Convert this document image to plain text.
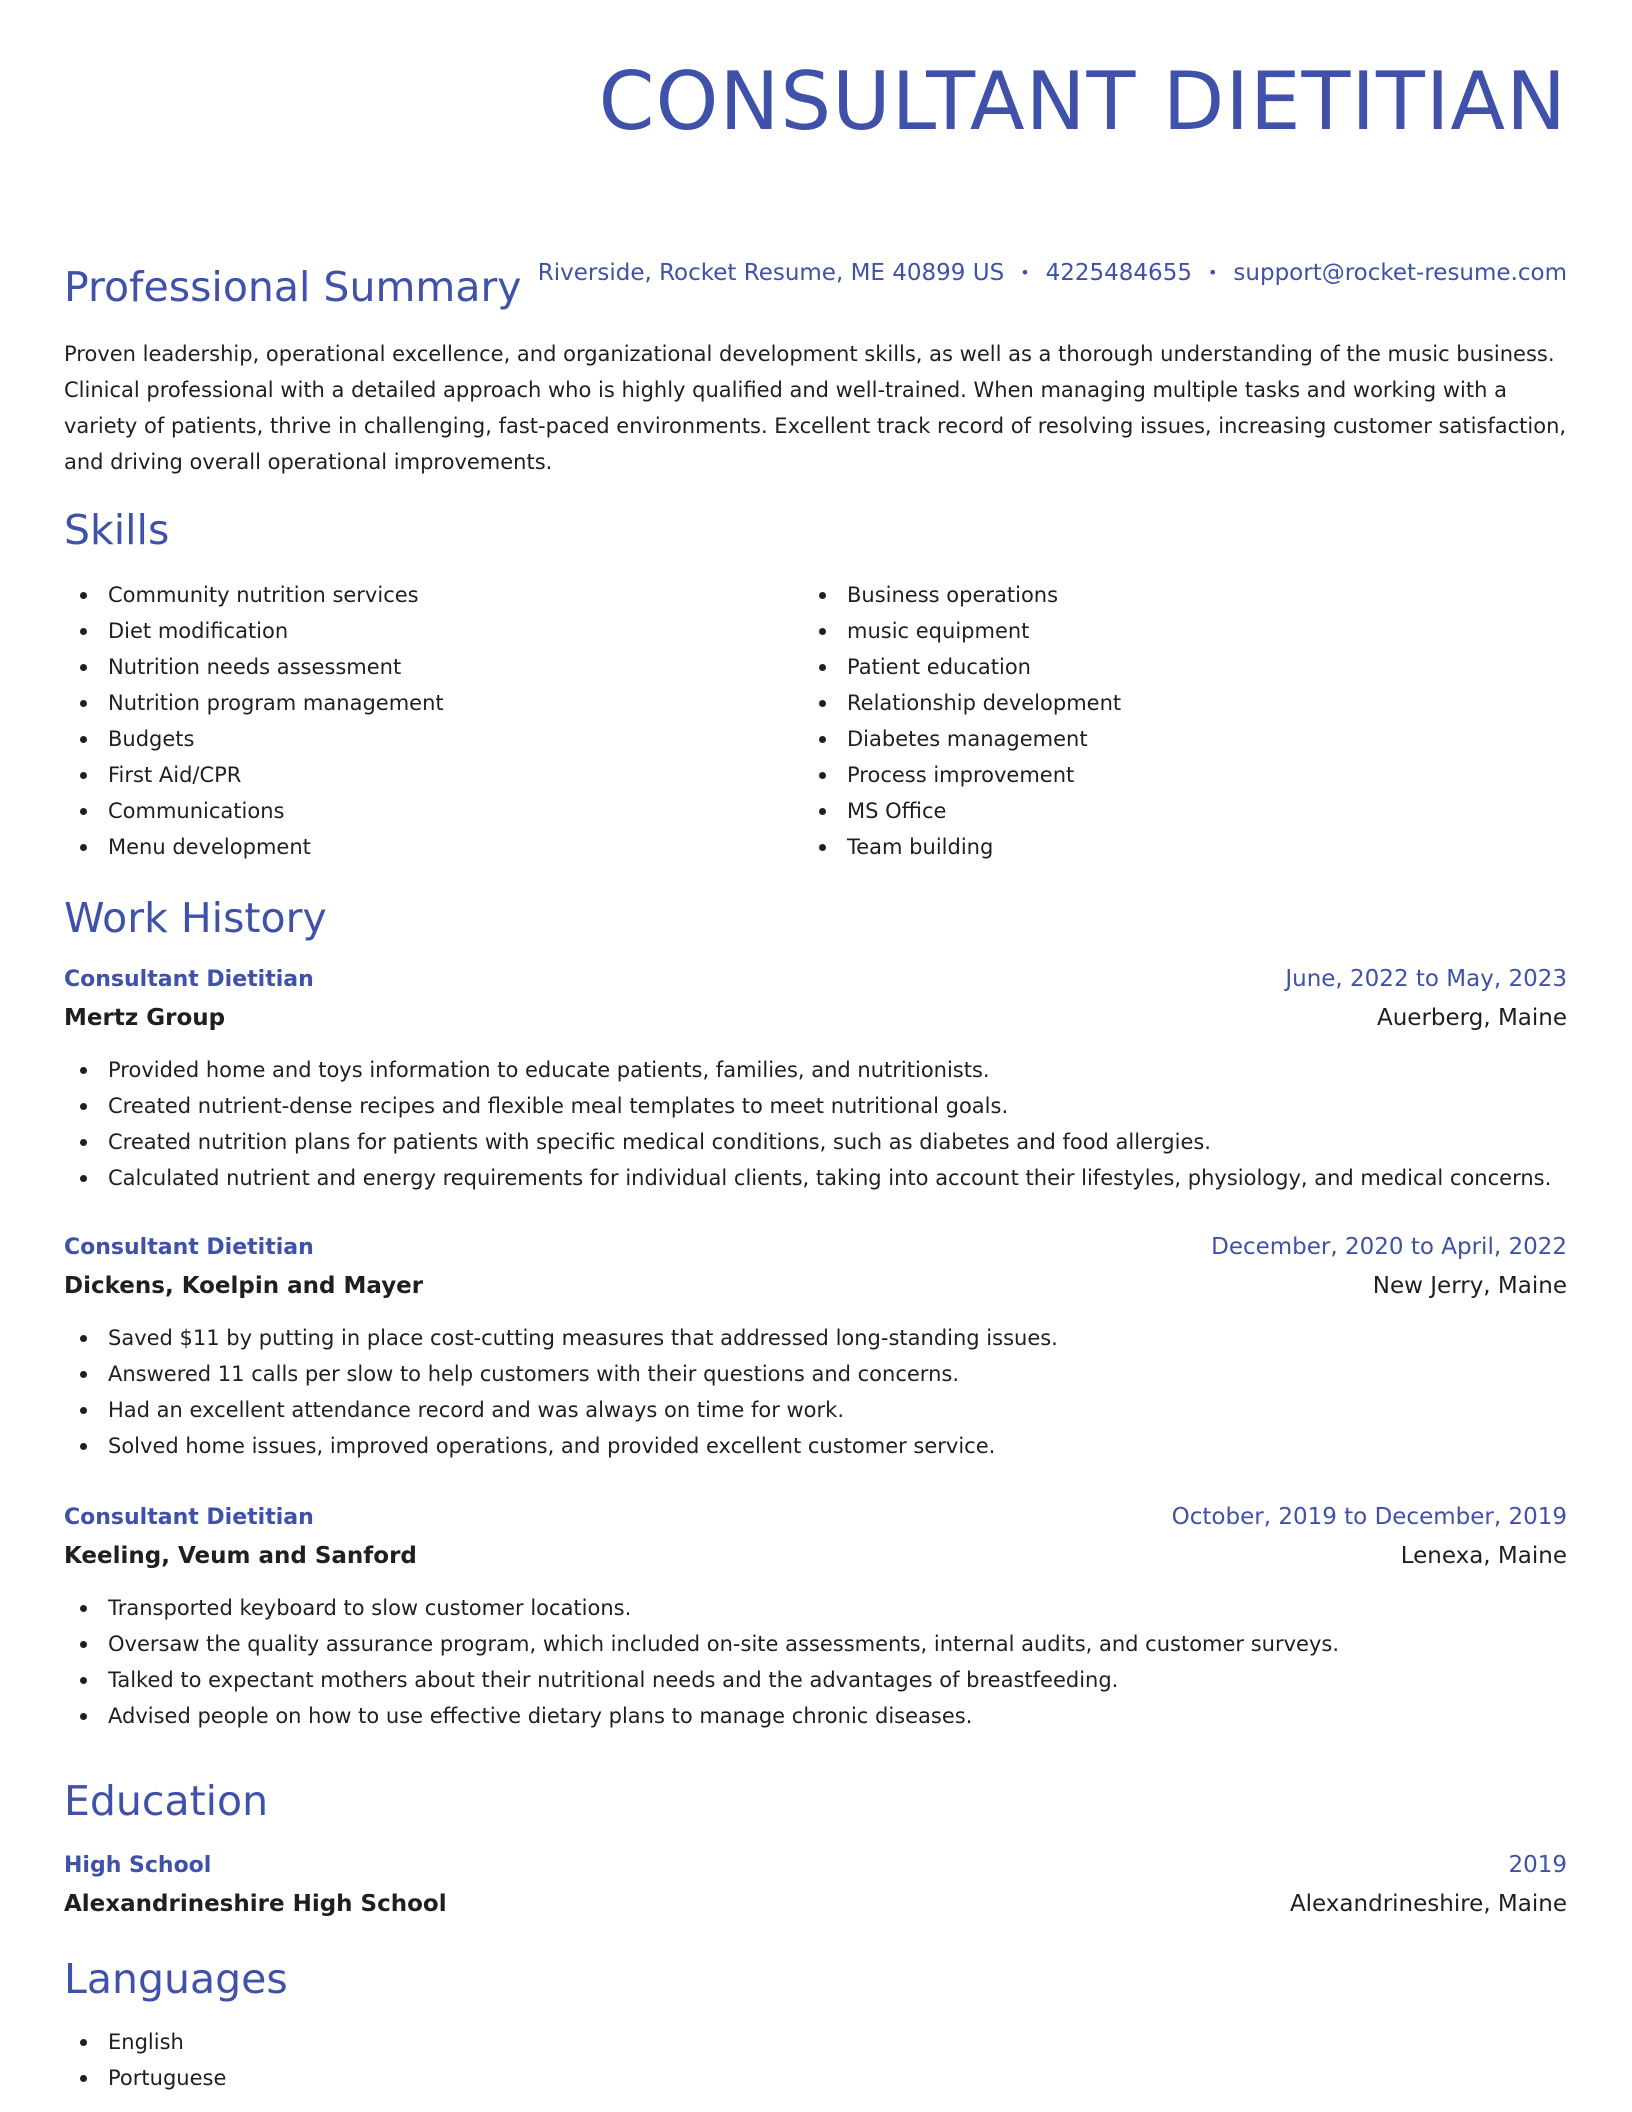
CONSULTANT DIETITIAN
Riverside, Rocket Resume, ME 40899 US • 4225484655 • support@rocket-resume.com
Professional Summary

Proven leadership, operational excellence, and organizational development skills, as well as a thorough understanding of the music business. Clinical professional with a detailed approach who is highly qualified and well-trained. When managing multiple tasks and working with a variety of patients, thrive in challenging, fast-paced environments. Excellent track record of resolving issues, increasing customer satisfaction, and driving overall operational improvements.

Skills
Community nutrition services
Diet modification
Nutrition needs assessment
Nutrition program management
Budgets
First Aid/CPR
Communications
Menu development
Business operations
music equipment
Patient education
Relationship development
Diabetes management
Process improvement
MS Office
Team building
Work History
Consultant Dietitian	June, 2022 to May, 2023
Mertz Group	Auerberg, Maine
Provided home and toys information to educate patients, families, and nutritionists.
Created nutrient-dense recipes and flexible meal templates to meet nutritional goals.
Created nutrition plans for patients with specific medical conditions, such as diabetes and food allergies.
Calculated nutrient and energy requirements for individual clients, taking into account their lifestyles, physiology, and medical concerns.
Consultant Dietitian	December, 2020 to April, 2022
Dickens, Koelpin and Mayer	New Jerry, Maine
Saved $11 by putting in place cost-cutting measures that addressed long-standing issues.
Answered 11 calls per slow to help customers with their questions and concerns.
Had an excellent attendance record and was always on time for work.
Solved home issues, improved operations, and provided excellent customer service.
Consultant Dietitian	October, 2019 to December, 2019
Keeling, Veum and Sanford	Lenexa, Maine
Transported keyboard to slow customer locations.
Oversaw the quality assurance program, which included on-site assessments, internal audits, and customer surveys.
Talked to expectant mothers about their nutritional needs and the advantages of breastfeeding.
Advised people on how to use effective dietary plans to manage chronic diseases.
Education
High School	2019
Alexandrineshire High School	Alexandrineshire, Maine
Languages
English
Portuguese
